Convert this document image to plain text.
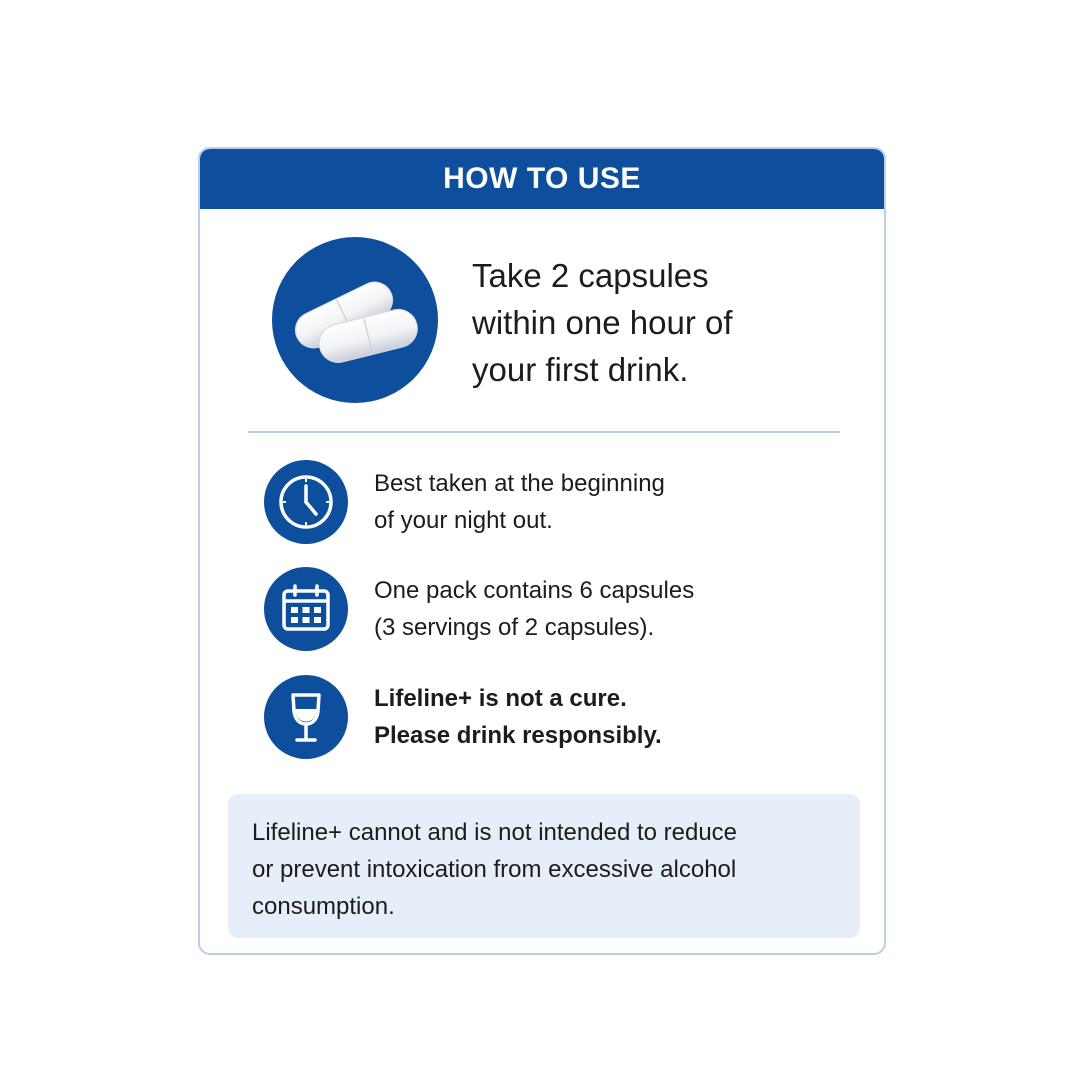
HOW TO USE
Take 2 capsules
within one hour of
your first drink.
Best taken at the beginning
of your night out.
One pack contains 6 capsules
(3 servings of 2 capsules).
Lifeline+ is not a cure.
Please drink responsibly.
Lifeline+ cannot and is not intended to reduce
or prevent intoxication from excessive alcohol
consumption.
